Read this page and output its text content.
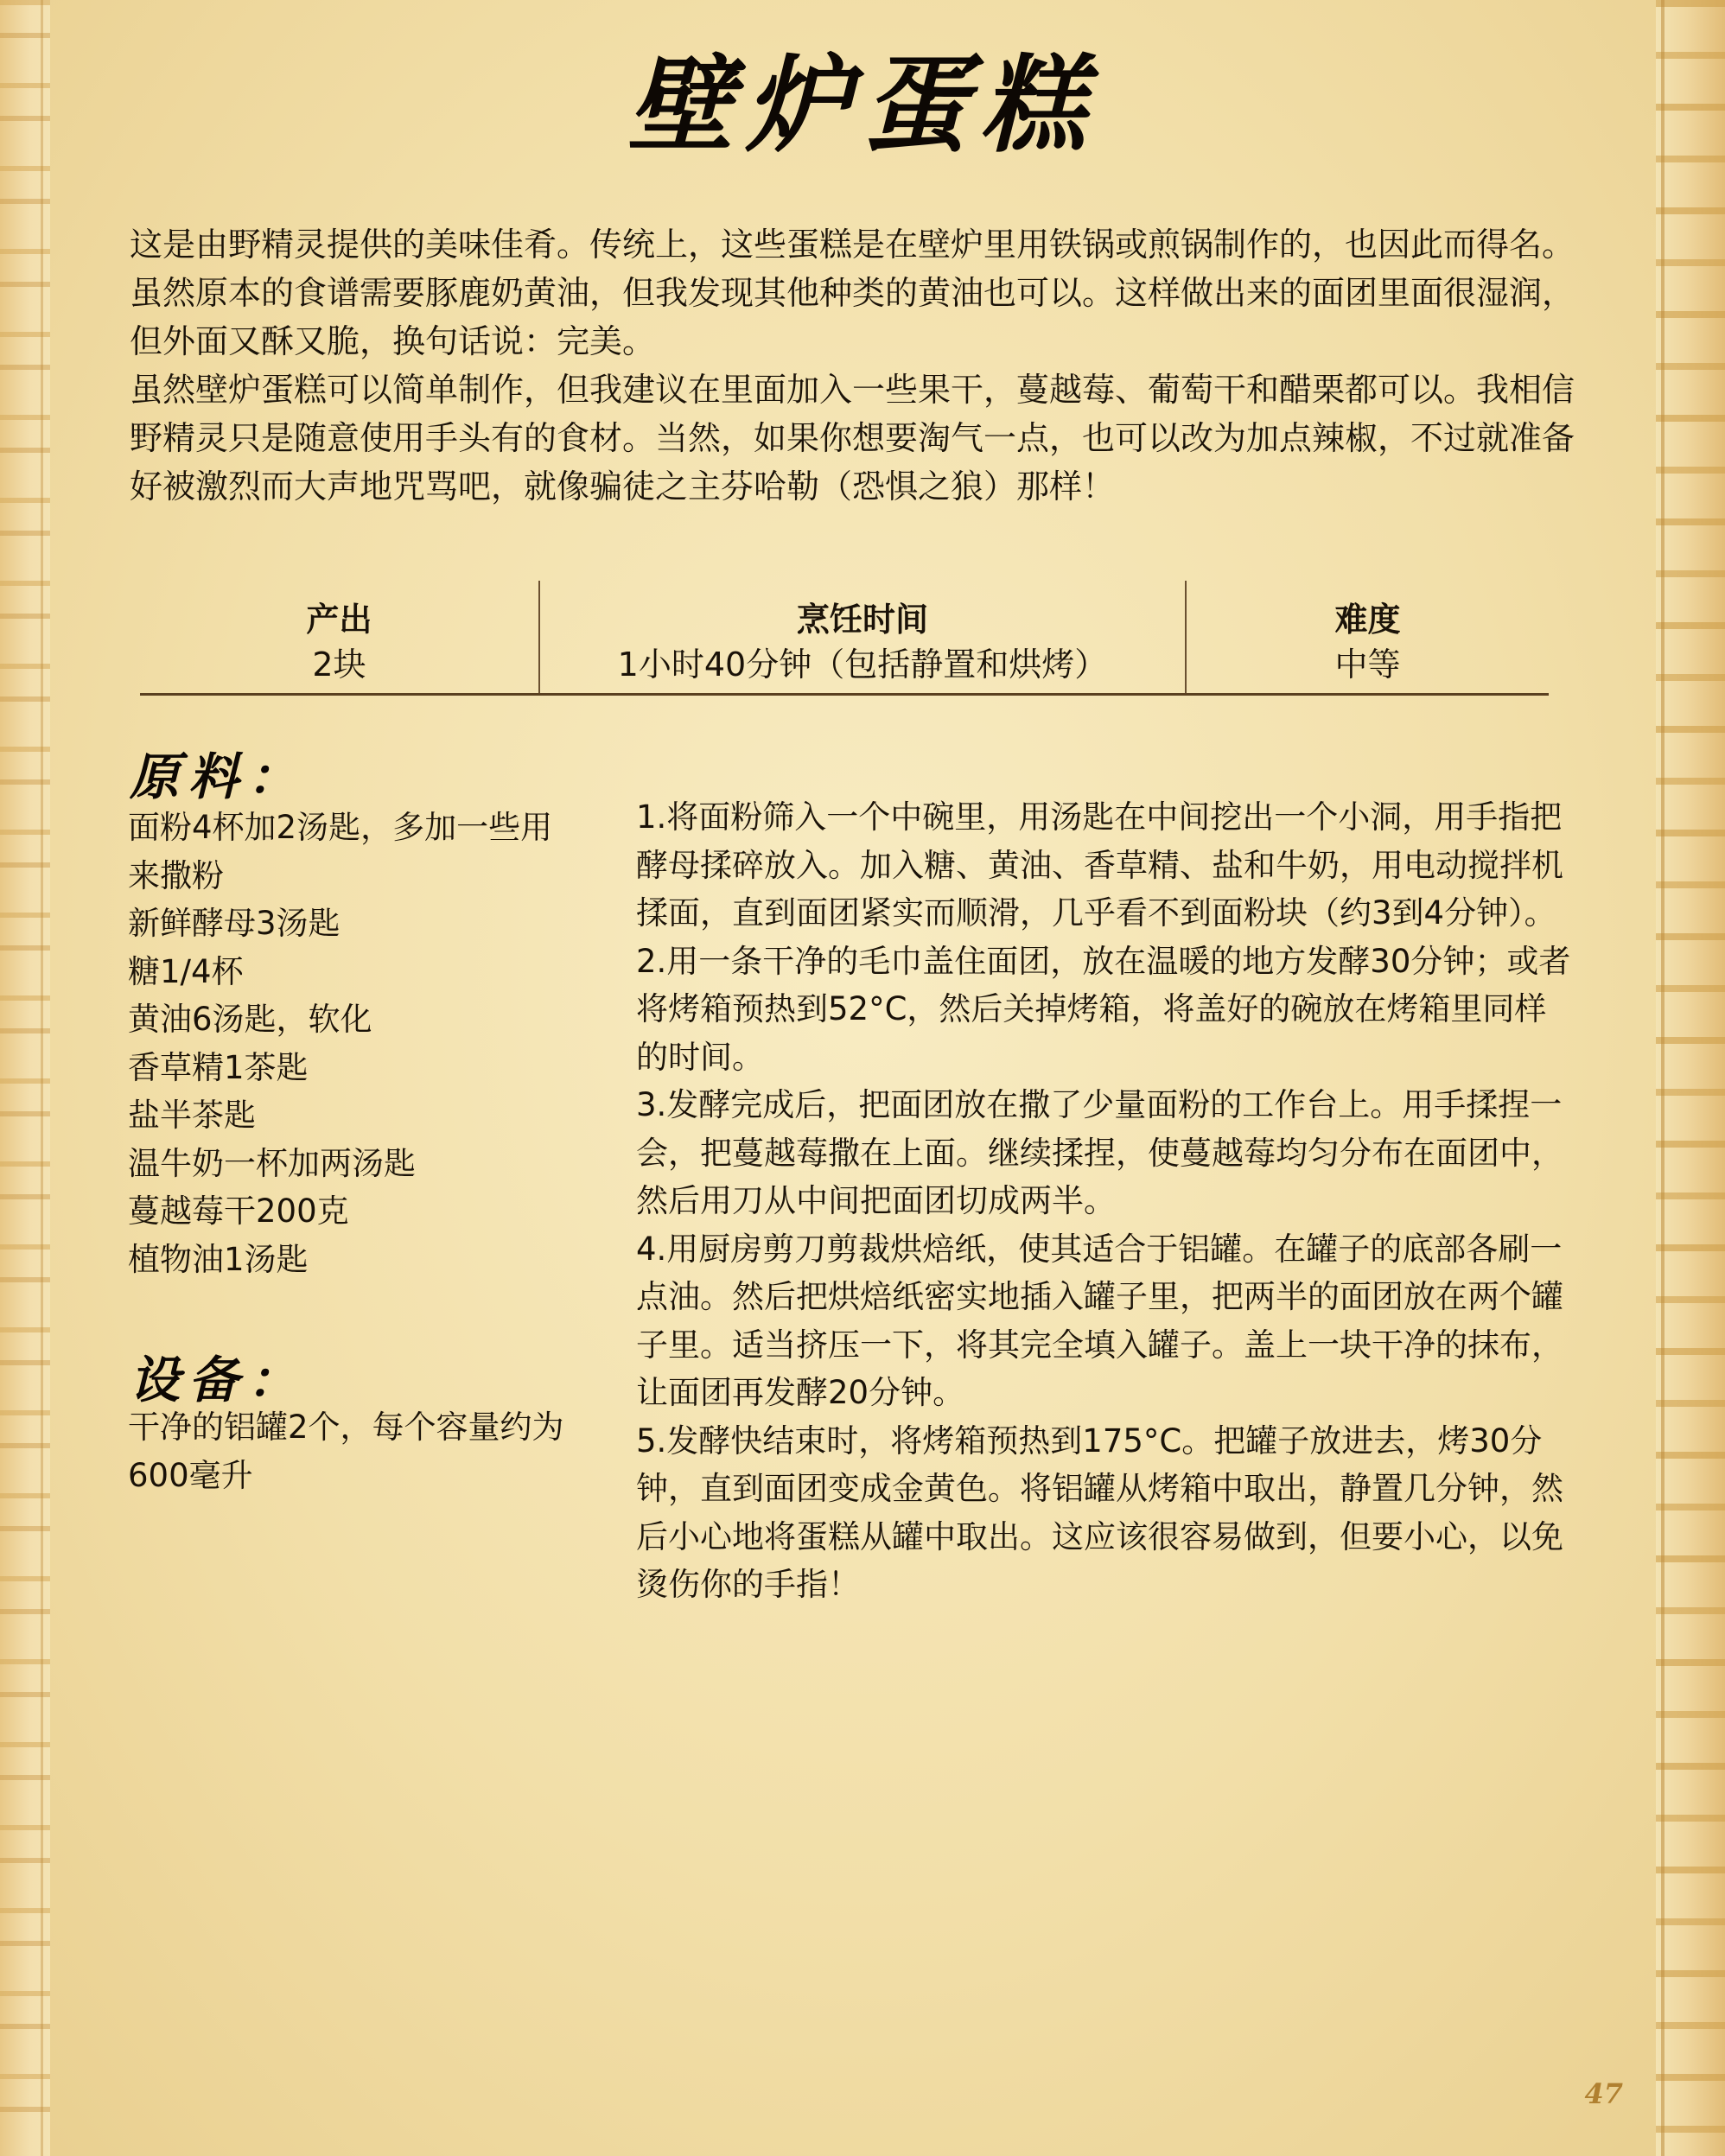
壁炉蛋糕

这是由野精灵提供的美味佳肴。传统上，这些蛋糕是在壁炉里用铁锅或煎锅制作的，也因此而得名。虽然原本的食谱需要豚鹿奶黄油，但我发现其他种类的黄油也可以。这样做出来的面团里面很湿润，但外面又酥又脆，换句话说：完美。

虽然壁炉蛋糕可以简单制作，但我建议在里面加入一些果干，蔓越莓、葡萄干和醋栗都可以。我相信野精灵只是随意使用手头有的食材。当然，如果你想要淘气一点，也可以改为加点辣椒，不过就准备好被激烈而大声地咒骂吧，就像骗徒之主芬哈勒（恐惧之狼）那样！

产出
2块
烹饪时间
1小时40分钟（包括静置和烘烤）
难度
中等
原料：
面粉4杯加2汤匙，多加一些用来撒粉
新鲜酵母3汤匙
糖1/4杯
黄油6汤匙，软化
香草精1茶匙
盐半茶匙
温牛奶一杯加两汤匙
蔓越莓干200克
植物油1汤匙
设备：

干净的铝罐2个，每个容量约为600毫升

1.将面粉筛入一个中碗里，用汤匙在中间挖出一个小洞，用手指把酵母揉碎放入。加入糖、黄油、香草精、盐和牛奶，用电动搅拌机揉面，直到面团紧实而顺滑，几乎看不到面粉块（约3到4分钟）。
2.用一条干净的毛巾盖住面团，放在温暖的地方发酵30分钟；或者将烤箱预热到52°C，然后关掉烤箱，将盖好的碗放在烤箱里同样的时间。
3.发酵完成后，把面团放在撒了少量面粉的工作台上。用手揉捏一会，把蔓越莓撒在上面。继续揉捏，使蔓越莓均匀分布在面团中，然后用刀从中间把面团切成两半。
4.用厨房剪刀剪裁烘焙纸，使其适合于铝罐。在罐子的底部各刷一点油。然后把烘焙纸密实地插入罐子里，把两半的面团放在两个罐子里。适当挤压一下，将其完全填入罐子。盖上一块干净的抹布，让面团再发酵20分钟。
5.发酵快结束时，将烤箱预热到175°C。把罐子放进去，烤30分钟，直到面团变成金黄色。将铝罐从烤箱中取出，静置几分钟，然后小心地将蛋糕从罐中取出。这应该很容易做到，但要小心，以免烫伤你的手指！
47
